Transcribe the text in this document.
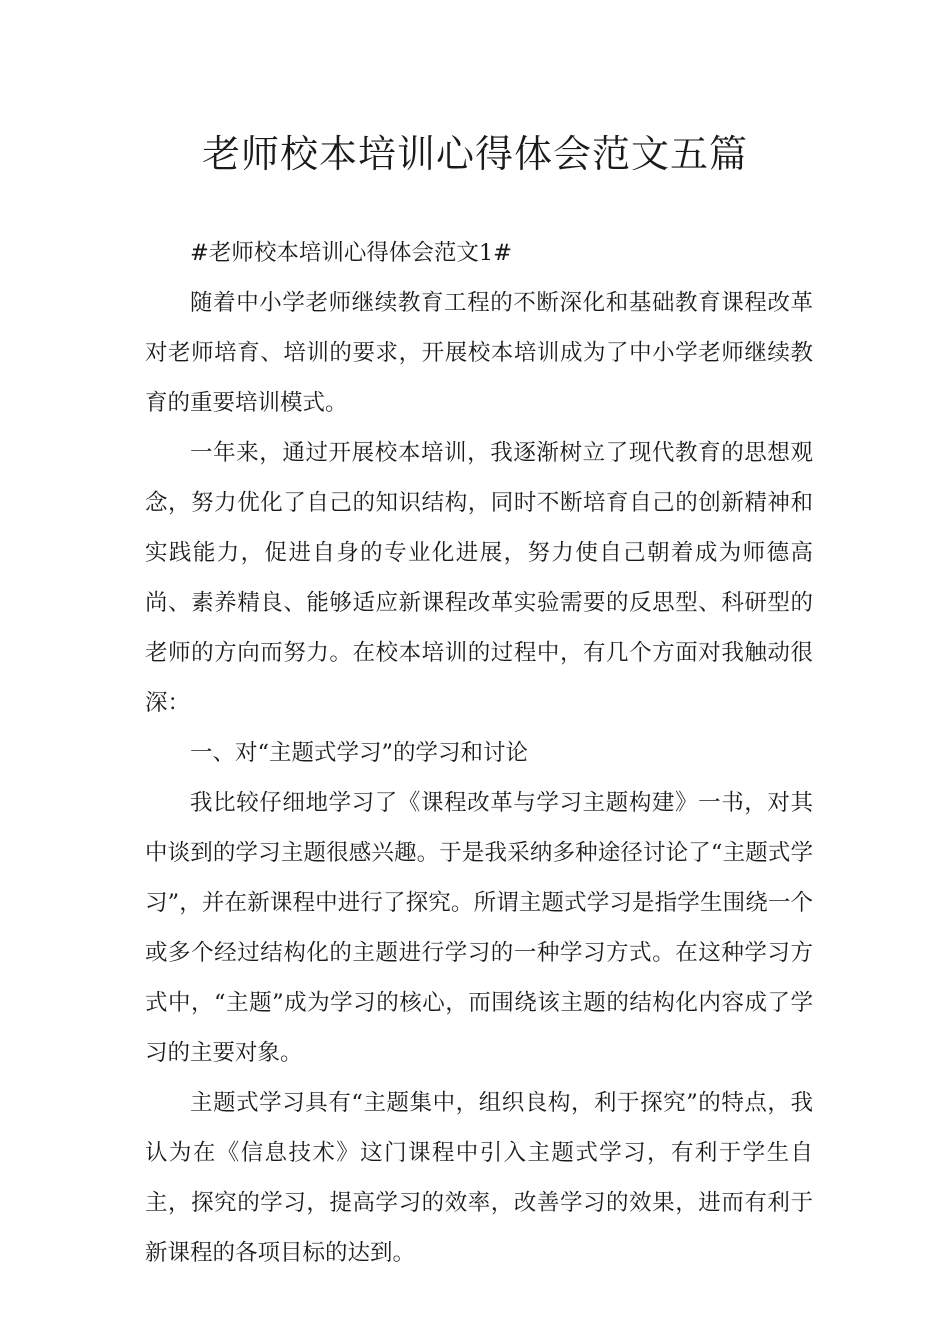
老师校本培训心得体会范文五篇

#老师校本培训心得体会范文1#

随着中小学老师继续教育工程的不断深化和基础教育课程改革对老师培育、培训的要求，开展校本培训成为了中小学老师继续教育的重要培训模式。

一年来，通过开展校本培训，我逐渐树立了现代教育的思想观念，努力优化了自己的知识结构，同时不断培育自己的创新精神和实践能力，促进自身的专业化进展，努力使自己朝着成为师德高尚、素养精良、能够适应新课程改革实验需要的反思型、科研型的老师的方向而努力。在校本培训的过程中，有几个方面对我触动很深：

一、对“主题式学习”的学习和讨论

我比较仔细地学习了《课程改革与学习主题构建》一书，对其中谈到的学习主题很感兴趣。于是我采纳多种途径讨论了“主题式学习”，并在新课程中进行了探究。所谓主题式学习是指学生围绕一个或多个经过结构化的主题进行学习的一种学习方式。在这种学习方式中，“主题”成为学习的核心，而围绕该主题的结构化内容成了学习的主要对象。

主题式学习具有“主题集中，组织良构，利于探究”的特点，我认为在《信息技术》这门课程中引入主题式学习，有利于学生自主，探究的学习，提高学习的效率，改善学习的效果，进而有利于新课程的各项目标的达到。
